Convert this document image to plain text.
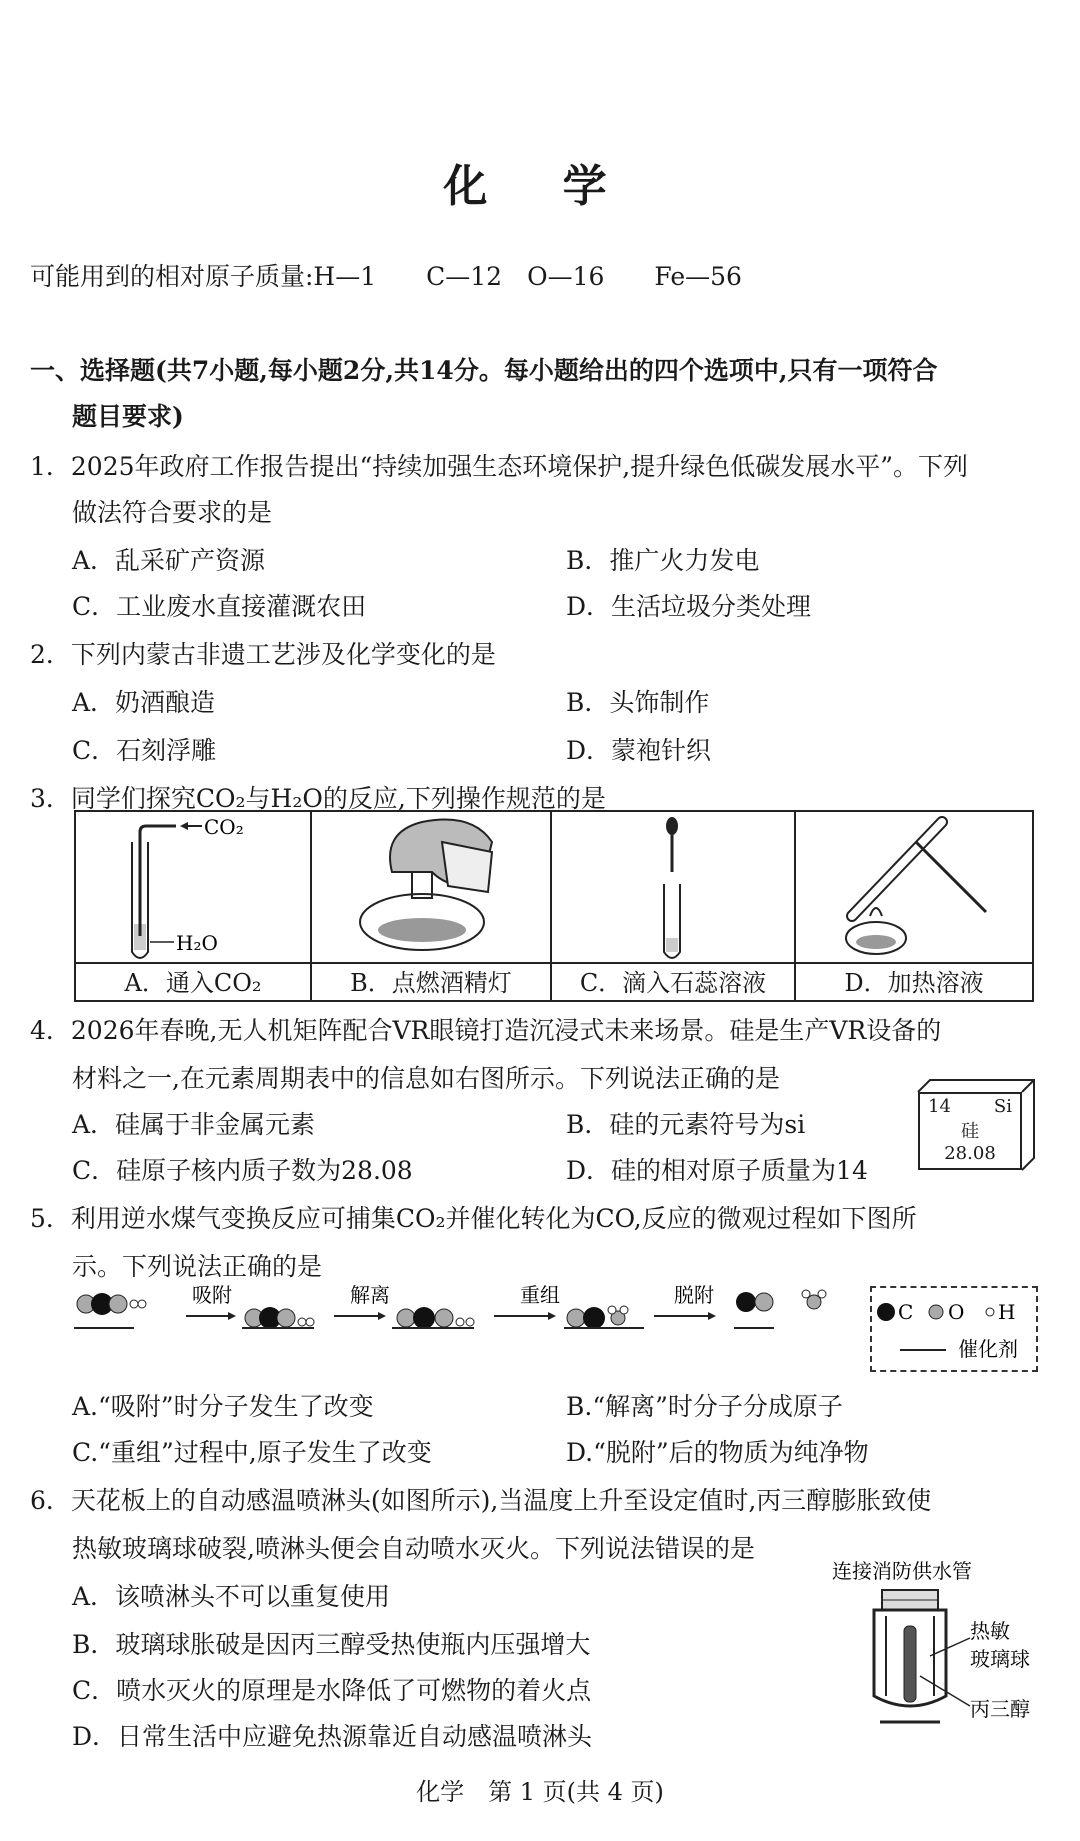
化 学
可能用到的相对原子质量:H—1　　C—12　O—16　　Fe—56
一、选择题(共7小题,每小题2分,共14分。每小题给出的四个选项中,只有一项符合
题目要求)
1．2025年政府工作报告提出“持续加强生态环境保护,提升绿色低碳发展水平”。下列
做法符合要求的是
A．乱采矿产资源	B．推广火力发电
C．工业废水直接灌溉农田	D．生活垃圾分类处理
2．下列内蒙古非遗工艺涉及化学变化的是
A．奶酒酿造	B．头饰制作
C．石刻浮雕	D．蒙袍针织
3．同学们探究CO₂与H₂O的反应,下列操作规范的是
CO₂
H₂O
A．通入CO₂	B．点燃酒精灯	C．滴入石蕊溶液	D．加热溶液
4．2026年春晚,无人机矩阵配合VR眼镜打造沉浸式未来场景。硅是生产VR设备的
材料之一,在元素周期表中的信息如右图所示。下列说法正确的是
A．硅属于非金属元素	B．硅的元素符号为si
C．硅原子核内质子数为28.08	D．硅的相对原子质量为14
14 Si
硅
28.08
5．利用逆水煤气变换反应可捕集CO₂并催化转化为CO,反应的微观过程如下图所
示。下列说法正确的是
吸附	解离	重组	脱附
C O H
催化剂
A.“吸附”时分子发生了改变	B.“解离”时分子分成原子
C.“重组”过程中,原子发生了改变	D.“脱附”后的物质为纯净物
6．天花板上的自动感温喷淋头(如图所示),当温度上升至设定值时,丙三醇膨胀致使
热敏玻璃球破裂,喷淋头便会自动喷水灭火。下列说法错误的是
A．该喷淋头不可以重复使用
B．玻璃球胀破是因丙三醇受热使瓶内压强增大
C．喷水灭火的原理是水降低了可燃物的着火点
D．日常生活中应避免热源靠近自动感温喷淋头
连接消防供水管
热敏
玻璃球
丙三醇
化学　第 1 页(共 4 页)
